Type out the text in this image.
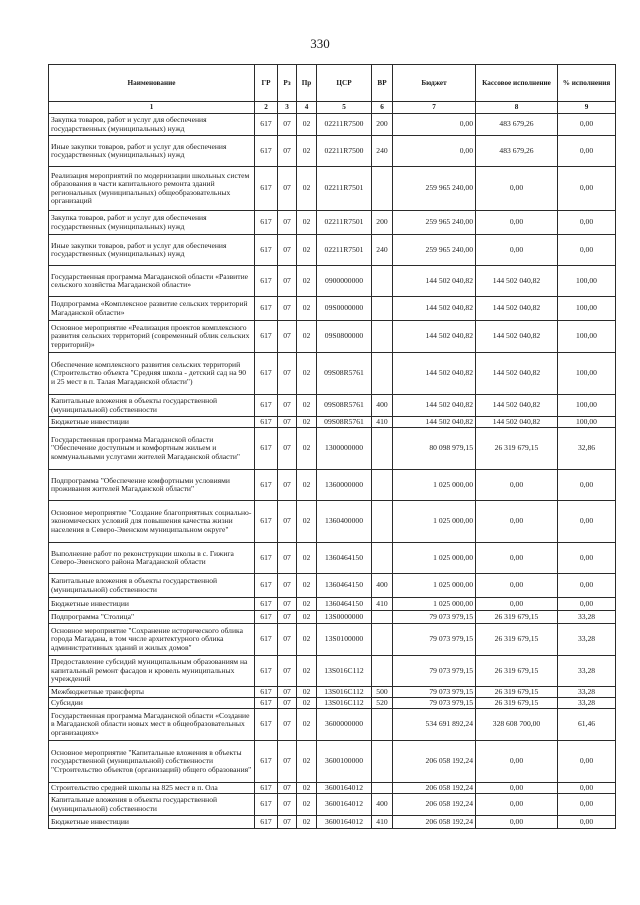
330
Наименование	ГР	Рз	Пр	ЦСР	ВР	Бюджет	Кассовое исполнение	% исполнения
1	2	3	4	5	6	7	8	9
Закупка товаров, работ и услуг для обеспечения государственных (муниципальных) нужд	617	07	02	02211R7500	200	0,00	483 679,26	0,00
Иные закупки товаров, работ и услуг для обеспечения государственных (муниципальных) нужд	617	07	02	02211R7500	240	0,00	483 679,26	0,00
Реализация мероприятий по модернизации школьных систем образования в части капитального ремонта зданий региональных (муниципальных) общеобразовательных организаций	617	07	02	02211R7501		259 965 240,00	0,00	0,00
Закупка товаров, работ и услуг для обеспечения государственных (муниципальных) нужд	617	07	02	02211R7501	200	259 965 240,00	0,00	0,00
Иные закупки товаров, работ и услуг для обеспечения государственных (муниципальных) нужд	617	07	02	02211R7501	240	259 965 240,00	0,00	0,00
Государственная программа Магаданской области «Развитие сельского хозяйства Магаданской области»	617	07	02	0900000000		144 502 040,82	144 502 040,82	100,00
Подпрограмма «Комплексное развитие сельских территорий Магаданской области»	617	07	02	09S0000000		144 502 040,82	144 502 040,82	100,00
Основное мероприятие «Реализация проектов комплексного развития сельских территорий (современный облик сельских территорий)»	617	07	02	09S0800000		144 502 040,82	144 502 040,82	100,00
Обеспечение комплексного развития сельских территорий (Строительство объекта "Средняя школа - детский сад на 90 и 25 мест в п. Талая Магаданской области")	617	07	02	09S08R5761		144 502 040,82	144 502 040,82	100,00
Капитальные вложения в объекты государственной (муниципальной) собственности	617	07	02	09S08R5761	400	144 502 040,82	144 502 040,82	100,00
Бюджетные инвестиции	617	07	02	09S08R5761	410	144 502 040,82	144 502 040,82	100,00
Государственная программа Магаданской области "Обеспечение доступным и комфортным жильем и коммунальными услугами жителей Магаданской области"	617	07	02	1300000000		80 098 979,15	26 319 679,15	32,86
Подпрограмма "Обеспечение комфортными условиями проживания жителей Магаданской области"	617	07	02	1360000000		1 025 000,00	0,00	0,00
Основное мероприятие "Создание благоприятных социально-экономических условий для повышения качества жизни населения в Северо-Эвенском муниципальном округе"	617	07	02	1360400000		1 025 000,00	0,00	0,00
Выполнение работ по реконструкции школы в с. Гижига Северо-Эвенского района Магаданской области	617	07	02	1360464150		1 025 000,00	0,00	0,00
Капитальные вложения в объекты государственной (муниципальной) собственности	617	07	02	1360464150	400	1 025 000,00	0,00	0,00
Бюджетные инвестиции	617	07	02	1360464150	410	1 025 000,00	0,00	0,00
Подпрограмма "Столица"	617	07	02	13S0000000		79 073 979,15	26 319 679,15	33,28
Основное мероприятие "Сохранение исторического облика города Магадана, в том числе архитектурного облика административных зданий и жилых домов"	617	07	02	13S0100000		79 073 979,15	26 319 679,15	33,28
Предоставление субсидий муниципальным образованиям на капитальный ремонт фасадов и кровель муниципальных учреждений	617	07	02	13S016C112		79 073 979,15	26 319 679,15	33,28
Межбюджетные трансферты	617	07	02	13S016C112	500	79 073 979,15	26 319 679,15	33,28
Субсидии	617	07	02	13S016C112	520	79 073 979,15	26 319 679,15	33,28
Государственная программа Магаданской области «Создание в Магаданской области новых мест в общеобразовательных организациях»	617	07	02	3600000000		534 691 892,24	328 608 700,00	61,46
Основное мероприятие "Капитальные вложения в объекты государственной (муниципальной) собственности "Строительство объектов (организаций) общего образования"	617	07	02	3600100000		206 058 192,24	0,00	0,00
Строительство средней школы на 825 мест в п. Ола	617	07	02	3600164012		206 058 192,24	0,00	0,00
Капитальные вложения в объекты государственной (муниципальной) собственности	617	07	02	3600164012	400	206 058 192,24	0,00	0,00
Бюджетные инвестиции	617	07	02	3600164012	410	206 058 192,24	0,00	0,00
